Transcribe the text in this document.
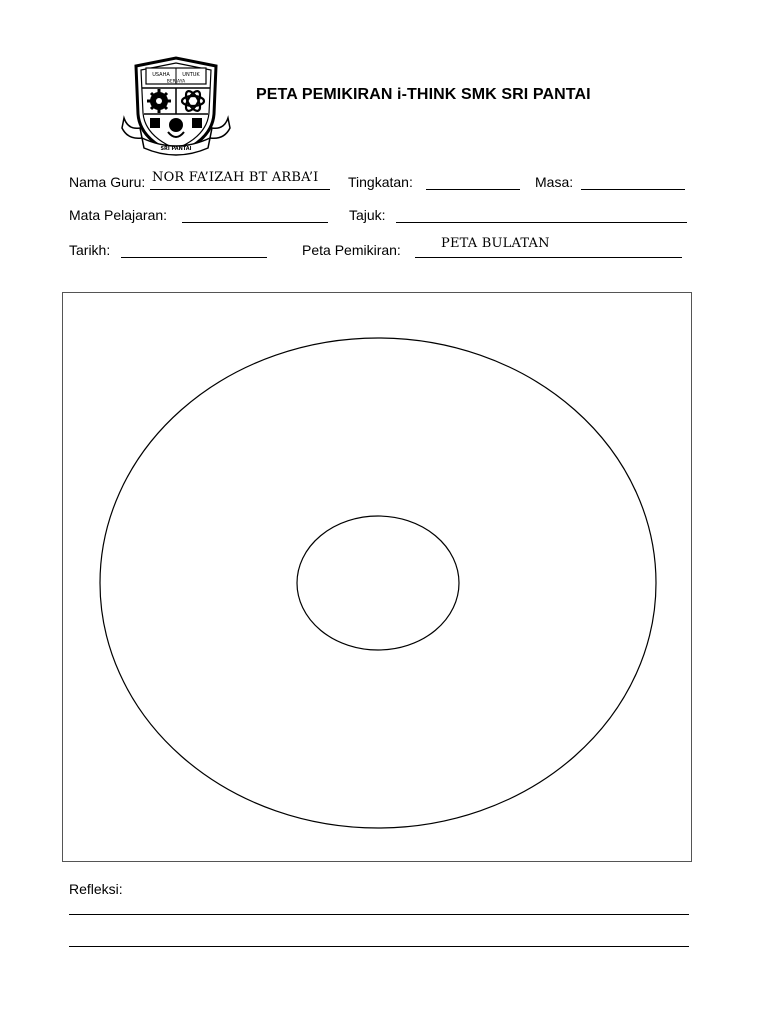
USAHA	UNTUK
BERJAYA
SRI PANTAI
PETA PEMIKIRAN i-THINK SMK SRI PANTAI
Nama Guru: NOR FA’IZAH BT ARBA’I Tingkatan:	Masa:
Mata Pelajaran:	Tajuk:
Tarikh:	Peta Pemikiran:	PETA BULATAN
Refleksi:
